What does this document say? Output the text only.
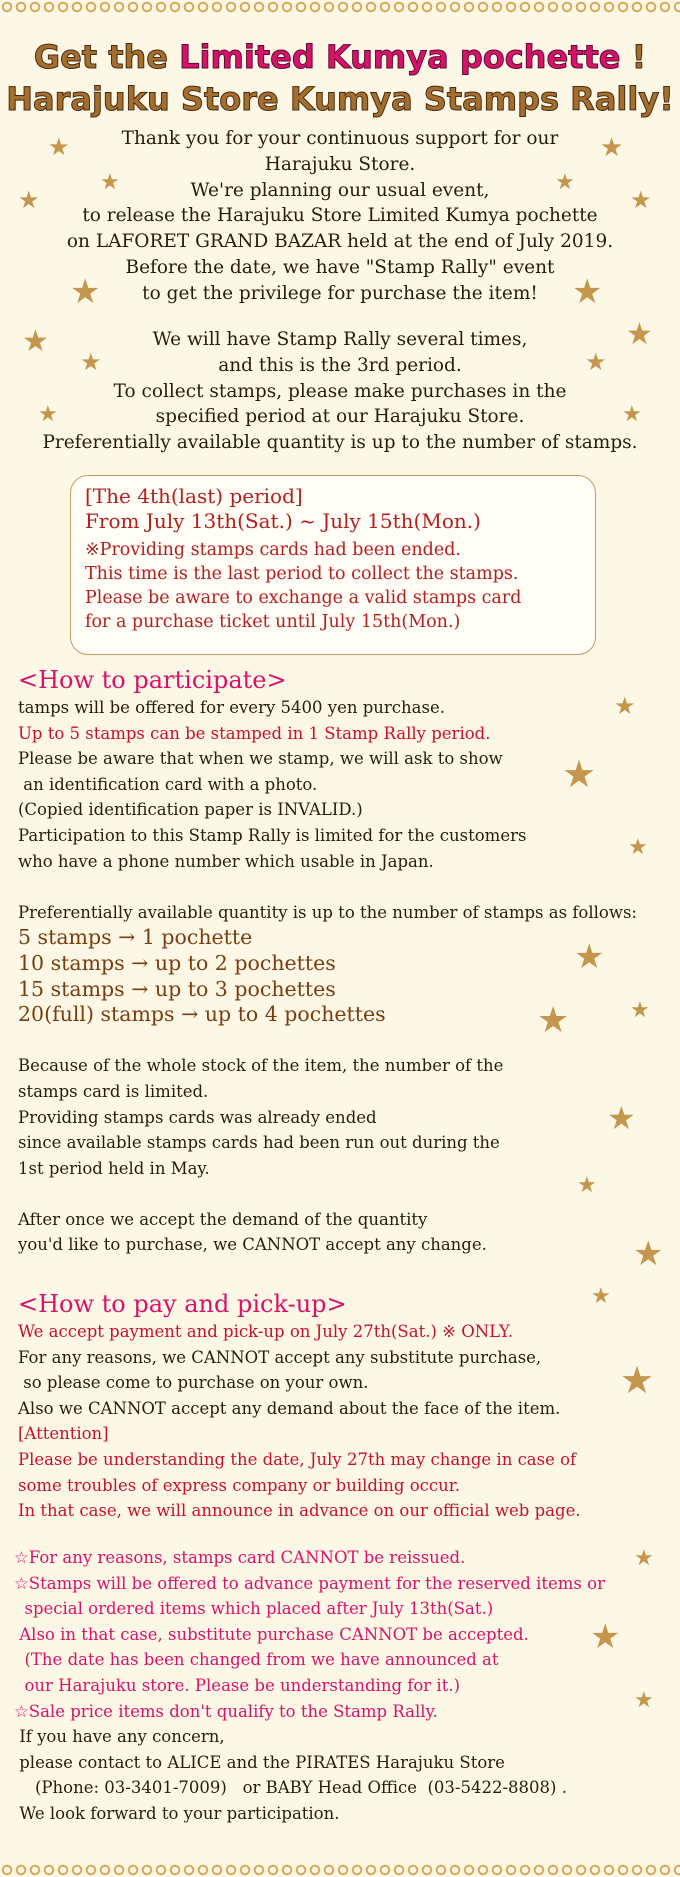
Get the Limited Kumya pochette !
Harajuku Store Kumya Stamps Rally!
Thank you for your continuous support for our
Harajuku Store.
We're planning our usual event,
to release the Harajuku Store Limited Kumya pochette
on LAFORET GRAND BAZAR held at the end of July 2019.
Before the date, we have "Stamp Rally" event
to get the privilege for purchase the item!
We will have Stamp Rally several times,
and this is the 3rd period.
To collect stamps, please make purchases in the
specified period at our Harajuku Store.
Preferentially available quantity is up to the number of stamps.
[The 4th(last) period]
From July 13th(Sat.) ~ July 15th(Mon.)
※Providing stamps cards had been ended.
This time is the last period to collect the stamps.
Please be aware to exchange a valid stamps card
for a purchase ticket until July 15th(Mon.)
<How to participate>
tamps will be offered for every 5400 yen purchase.
Up to 5 stamps can be stamped in 1 Stamp Rally period.
Please be aware that when we stamp, we will ask to show
an identification card with a photo.
(Copied identification paper is INVALID.)
Participation to this Stamp Rally is limited for the customers
who have a phone number which usable in Japan.
Preferentially available quantity is up to the number of stamps as follows:
5 stamps → 1 pochette
10 stamps → up to 2 pochettes
15 stamps → up to 3 pochettes
20(full) stamps → up to 4 pochettes
Because of the whole stock of the item, the number of the
stamps card is limited.
Providing stamps cards was already ended
since available stamps cards had been run out during the
1st period held in May.
After once we accept the demand of the quantity
you'd like to purchase, we CANNOT accept any change.
<How to pay and pick-up>
We accept payment and pick-up on July 27th(Sat.) ※ ONLY.
For any reasons, we CANNOT accept any substitute purchase,
so please come to purchase on your own.
Also we CANNOT accept any demand about the face of the item.
[Attention]
Please be understanding the date, July 27th may change in case of
some troubles of express company or building occur.
In that case, we will announce in advance on our official web page.
☆For any reasons, stamps card CANNOT be reissued.
☆Stamps will be offered to advance payment for the reserved items or
special ordered items which placed after July 13th(Sat.)
Also in that case, substitute purchase CANNOT be accepted.
(The date has been changed from we have announced at
our Harajuku store. Please be understanding for it.)
☆Sale price items don't qualify to the Stamp Rally.
If you have any concern,
please contact to ALICE and the PIRATES Harajuku Store
(Phone: 03-3401-7009)   or BABY Head Office  (03-5422-8808) .
We look forward to your participation.
★	★
★	★
★	★
★	★
★	★
★	★
★	★
★
★
★
★
★
★
★
★
★
★
★
★
★
★
